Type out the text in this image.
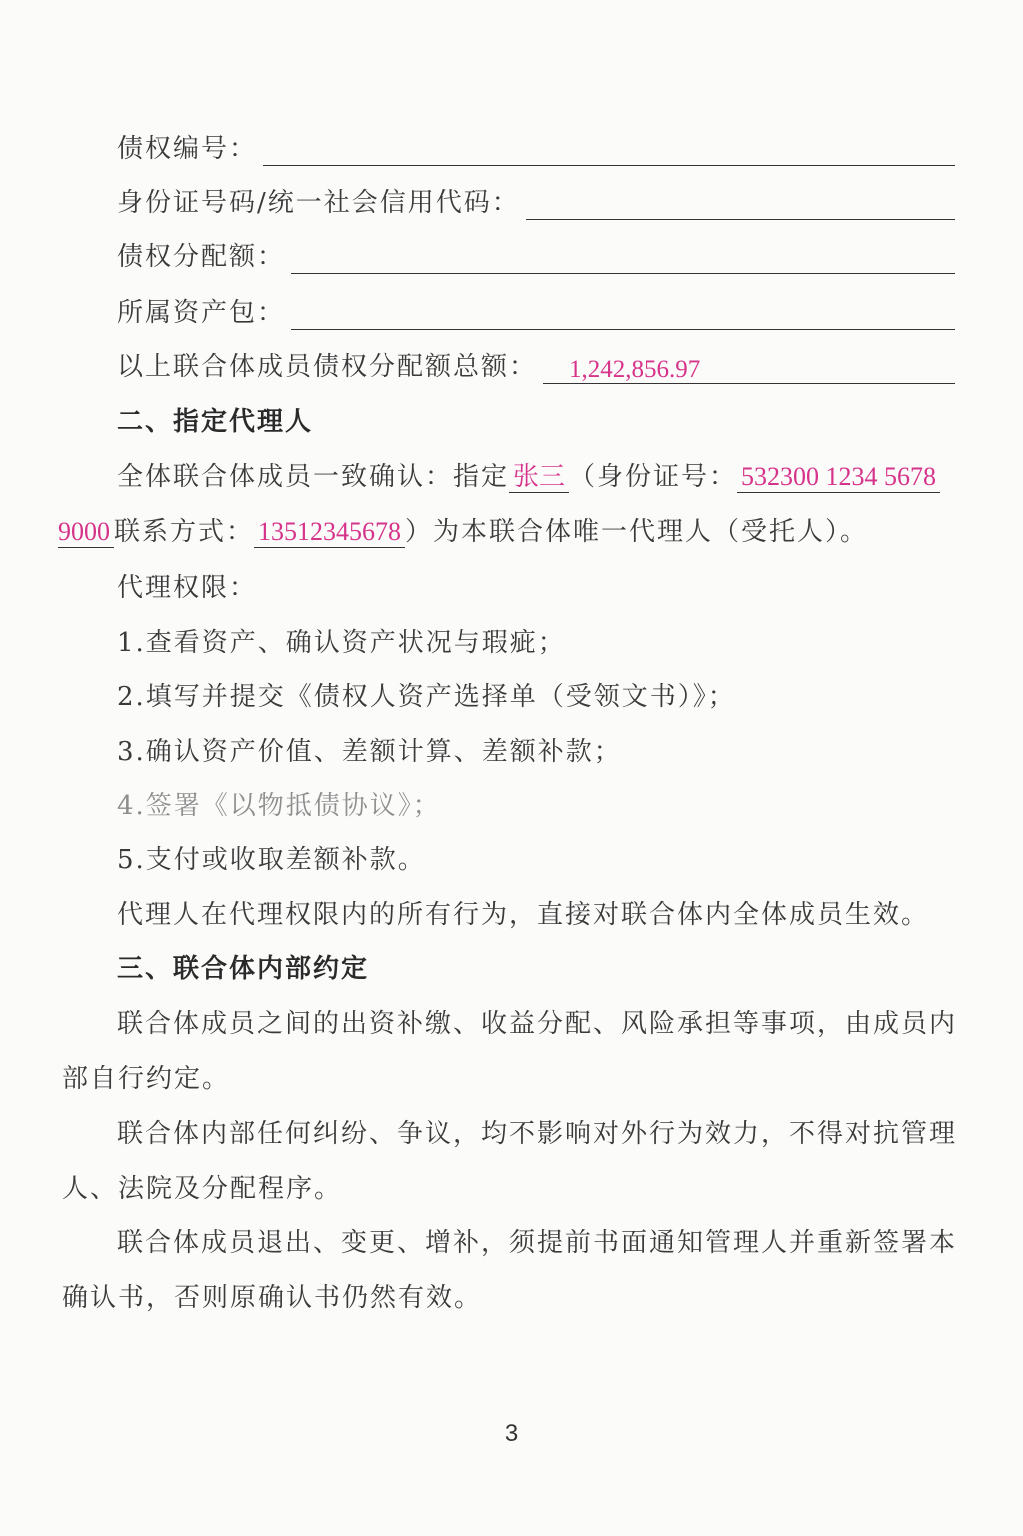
债权编号：
身份证号码/统一社会信用代码：
债权分配额：
所属资产包：
以上联合体成员债权分配额总额： 1,242,856.97
二、指定代理人
全体联合体成员一致确认：指定 张三 （身份证号： 532300 1234 5678
9000 联系方式： 13512345678 ）为本联合体唯一代理人（受托人）。
代理权限：
1.查看资产、确认资产状况与瑕疵；
2.填写并提交《债权人资产选择单（受领文书）》；
3.确认资产价值、差额计算、差额补款；
4.签署《以物抵债协议》；
5.支付或收取差额补款。
代理人在代理权限内的所有行为，直接对联合体内全体成员生效。
三、联合体内部约定
联合体成员之间的出资补缴、收益分配、风险承担等事项，由成员内
部自行约定。
联合体内部任何纠纷、争议，均不影响对外行为效力，不得对抗管理
人、法院及分配程序。
联合体成员退出、变更、增补，须提前书面通知管理人并重新签署本
确认书，否则原确认书仍然有效。
3
